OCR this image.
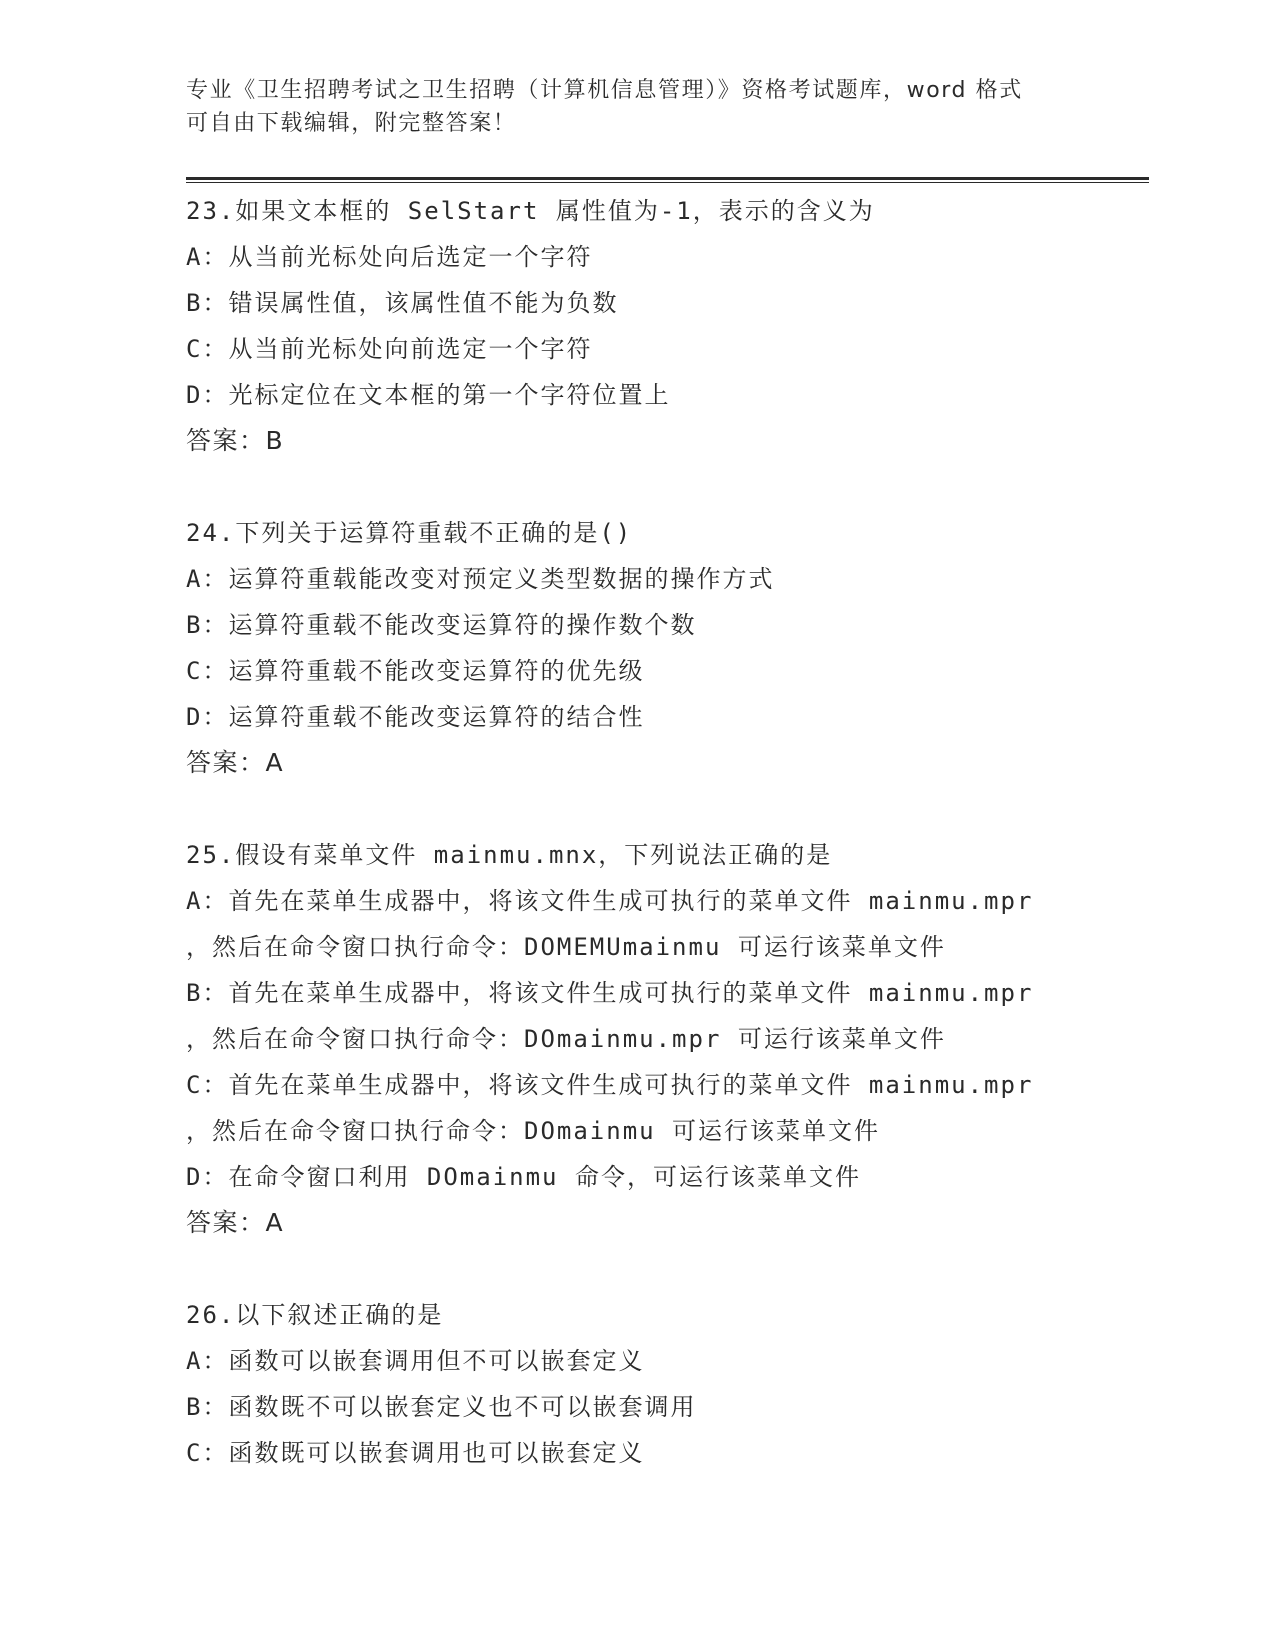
专业《卫生招聘考试之卫生招聘（计算机信息管理）》资格考试题库，word 格式
可自由下载编辑，附完整答案！
23.如果文本框的 SelStart 属性值为-1，表示的含义为
A：从当前光标处向后选定一个字符
B：错误属性值，该属性值不能为负数
C：从当前光标处向前选定一个字符
D：光标定位在文本框的第一个字符位置上
答案：B
24.下列关于运算符重载不正确的是()
A：运算符重载能改变对预定义类型数据的操作方式
B：运算符重载不能改变运算符的操作数个数
C：运算符重载不能改变运算符的优先级
D：运算符重载不能改变运算符的结合性
答案：A
25.假设有菜单文件 mainmu.mnx，下列说法正确的是
A：首先在菜单生成器中，将该文件生成可执行的菜单文件 mainmu.mpr
，然后在命令窗口执行命令：DOMEMUmainmu 可运行该菜单文件
B：首先在菜单生成器中，将该文件生成可执行的菜单文件 mainmu.mpr
，然后在命令窗口执行命令：DOmainmu.mpr 可运行该菜单文件
C：首先在菜单生成器中，将该文件生成可执行的菜单文件 mainmu.mpr
，然后在命令窗口执行命令：DOmainmu 可运行该菜单文件
D：在命令窗口利用 DOmainmu 命令，可运行该菜单文件
答案：A
26.以下叙述正确的是
A：函数可以嵌套调用但不可以嵌套定义
B：函数既不可以嵌套定义也不可以嵌套调用
C：函数既可以嵌套调用也可以嵌套定义
